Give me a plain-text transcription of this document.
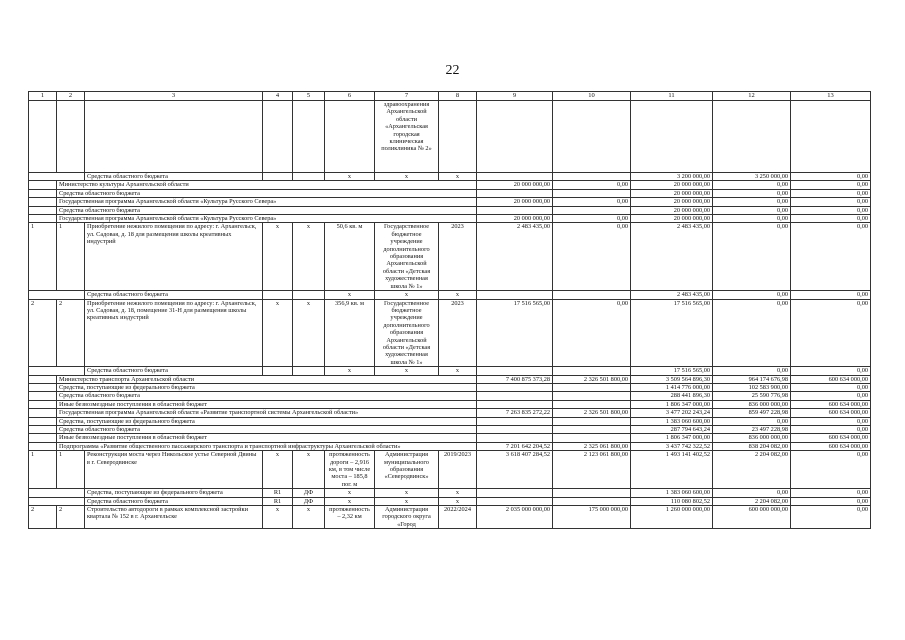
22
1	2	3	4	5	6	7	8	9	10	11	12	13	
						здравоохранения Архангельской области «Архангельская городская клиническая поликлиника № 2»							
		Средства областного бюджета			х	х	х			3 200 000,00	3 250 000,00	0,00	
	Министерство культуры Архангельской области							20 000 000,00	0,00	20 000 000,00	0,00	0,00	
	Средства областного бюджета									20 000 000,00	0,00	0,00	
	Государственная программа Архангельской области «Культура Русского Севера»							20 000 000,00	0,00	20 000 000,00	0,00	0,00	
	Средства областного бюджета									20 000 000,00	0,00	0,00	
	Государственная программа Архангельской области «Культура Русского Севера»							20 000 000,00	0,00	20 000 000,00	0,00	0,00	
1	1	Приобретение нежилого помещения по адресу: г. Архангельск, ул. Садовая, д. 18 для размещения школы креативных индустрий	х	х	50,6 кв. м	Государственное бюджетное учреждение дополнительного образования Архангельской области «Детская художественная школа № 1»	2023	2 483 435,00	0,00	2 483 435,00	0,00	0,00	
		Средства областного бюджета			х	х	х			2 483 435,00	0,00	0,00	
2	2	Приобретение нежилого помещения по адресу: г. Архангельск, ул. Садовая, д. 18, помещение 31-Н для размещения школы креативных индустрий	х	х	356,9 кв. м	Государственное бюджетное учреждение дополнительного образования Архангельской области «Детская художественная школа № 1»	2023	17 516 565,00	0,00	17 516 565,00	0,00	0,00	
		Средства областного бюджета			х	х	х			17 516 565,00	0,00	0,00	
	Министерство транспорта Архангельской области							7 400 875 373,28	2 326 501 800,00	3 509 564 896,30	964 174 676,98	600 634 000,00	
	Средства, поступающие из федерального бюджета									1 414 776 000,00	102 583 900,00	0,00	
	Средства областного бюджета									288 441 896,30	25 590 776,98	0,00	
	Иные безвозмездные поступления в областной бюджет									1 806 347 000,00	836 000 000,00	600 634 000,00	
	Государственная программа Архангельской области «Развитие транспортной системы Архангельской области»							7 263 835 272,22	2 326 501 800,00	3 477 202 243,24	859 497 228,98	600 634 000,00	
	Средства, поступающие из федерального бюджета									1 383 060 600,00	0,00	0,00	
	Средства областного бюджета									287 794 643,24	23 497 228,98	0,00	
	Иные безвозмездные поступления в областной бюджет									1 806 347 000,00	836 000 000,00	600 634 000,00	
	Подпрограмма «Развитие общественного пассажирского транспорта и транспортной инфраструктуры Архангельской области»							7 201 642 204,52	2 325 061 800,00	3 437 742 322,52	838 204 082,00	600 634 000,00	
1	1	Реконструкция моста через Никольское устье Северной Двины в г. Северодвинске	х	х	протяженность дороги – 2,916 км, в том числе моста – 185,8 пог. м	Администрация муниципального образования «Северодвинск»	2019/2023	3 618 407 284,52	2 123 061 800,00	1 493 141 402,52	2 204 082,00	0,00	
		Средства, поступающие из федерального бюджета	R1	ДФ	х	х	х			1 383 060 600,00	0,00	0,00	
		Средства областного бюджета	R1	ДФ	х	х	х			110 080 802,52	2 204 082,00	0,00	
2	2	Строительство автодороги в рамках комплексной застройки квартала № 152 в г. Архангельске	х	х	протяженность – 2,32 км	Администрация городского округа «Город	2022/2024	2 035 000 000,00	175 000 000,00	1 260 000 000,00	600 000 000,00	0,00	
